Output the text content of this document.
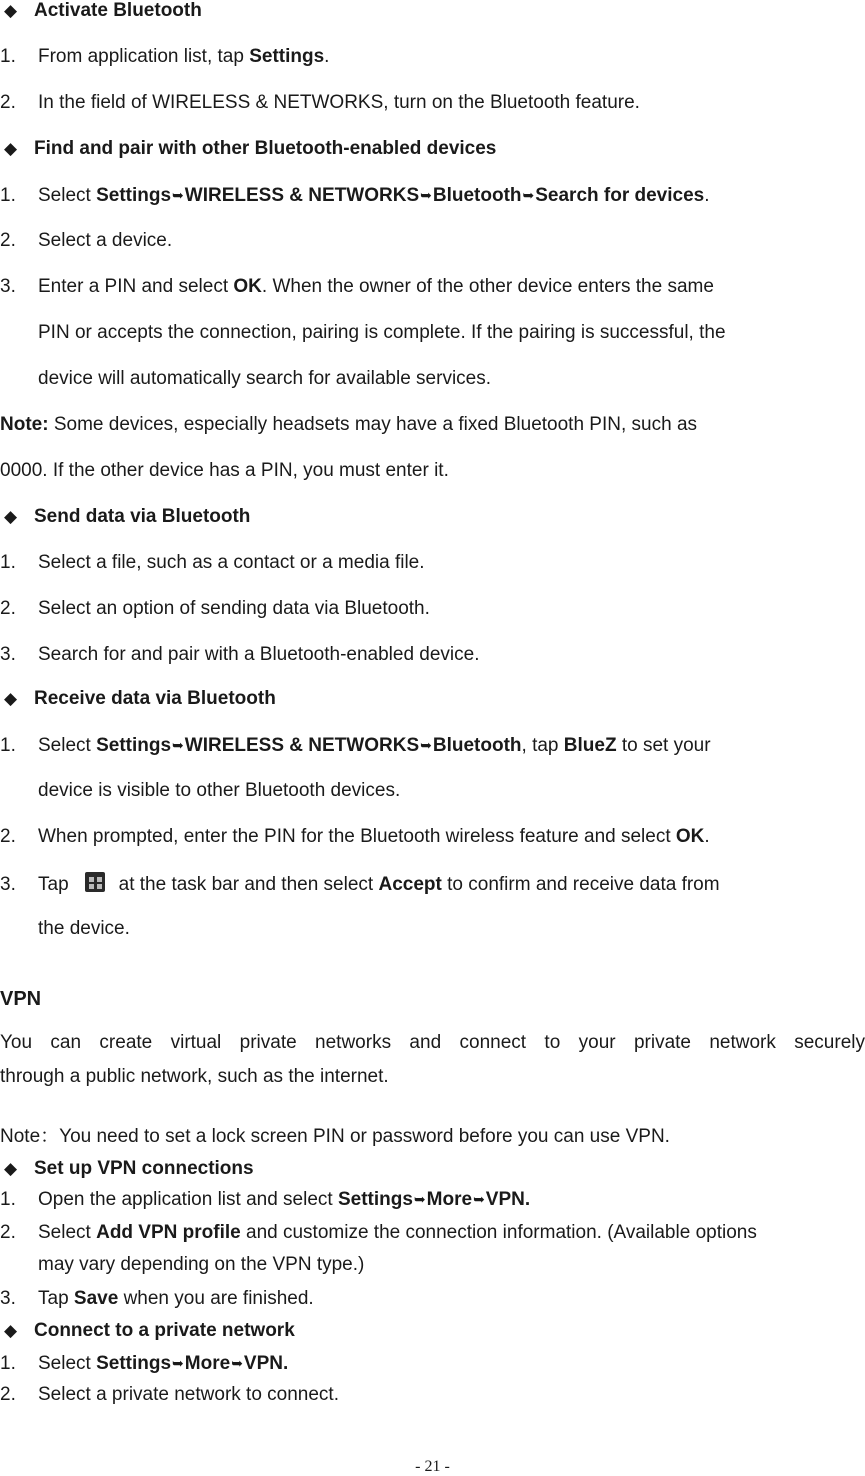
◆ Activate Bluetooth
1. From application list, tap Settings.
2. In the field of WIRELESS & NETWORKS, turn on the Bluetooth feature.
◆ Find and pair with other Bluetooth-enabled devices
1. Select Settings➥WIRELESS & NETWORKS➥Bluetooth➥Search for devices.
2. Select a device.
3. Enter a PIN and select OK. When the owner of the other device enters the same
PIN or accepts the connection, pairing is complete. If the pairing is successful, the
device will automatically search for available services.
Note: Some devices, especially headsets may have a fixed Bluetooth PIN, such as
0000. If the other device has a PIN, you must enter it.
◆ Send data via Bluetooth
1. Select a file, such as a contact or a media file.
2. Select an option of sending data via Bluetooth.
3. Search for and pair with a Bluetooth-enabled device.
◆ Receive data via Bluetooth
1. Select Settings➥WIRELESS & NETWORKS➥Bluetooth, tap BlueZ to set your
device is visible to other Bluetooth devices.
2. When prompted, enter the PIN for the Bluetooth wireless feature and select OK.
3. Tap	at the task bar and then select Accept to confirm and receive data from
the device.
VPN
You can create virtual private networks and connect to your private network securely
through a public network, such as the internet.
Note：You need to set a lock screen PIN or password before you can use VPN.
◆ Set up VPN connections
1. Open the application list and select Settings➥More➥VPN.
2. Select Add VPN profile and customize the connection information. (Available options
may vary depending on the VPN type.)
3. Tap Save when you are finished.
◆ Connect to a private network
1. Select Settings➥More➥VPN.
2. Select a private network to connect.
- 21 -
